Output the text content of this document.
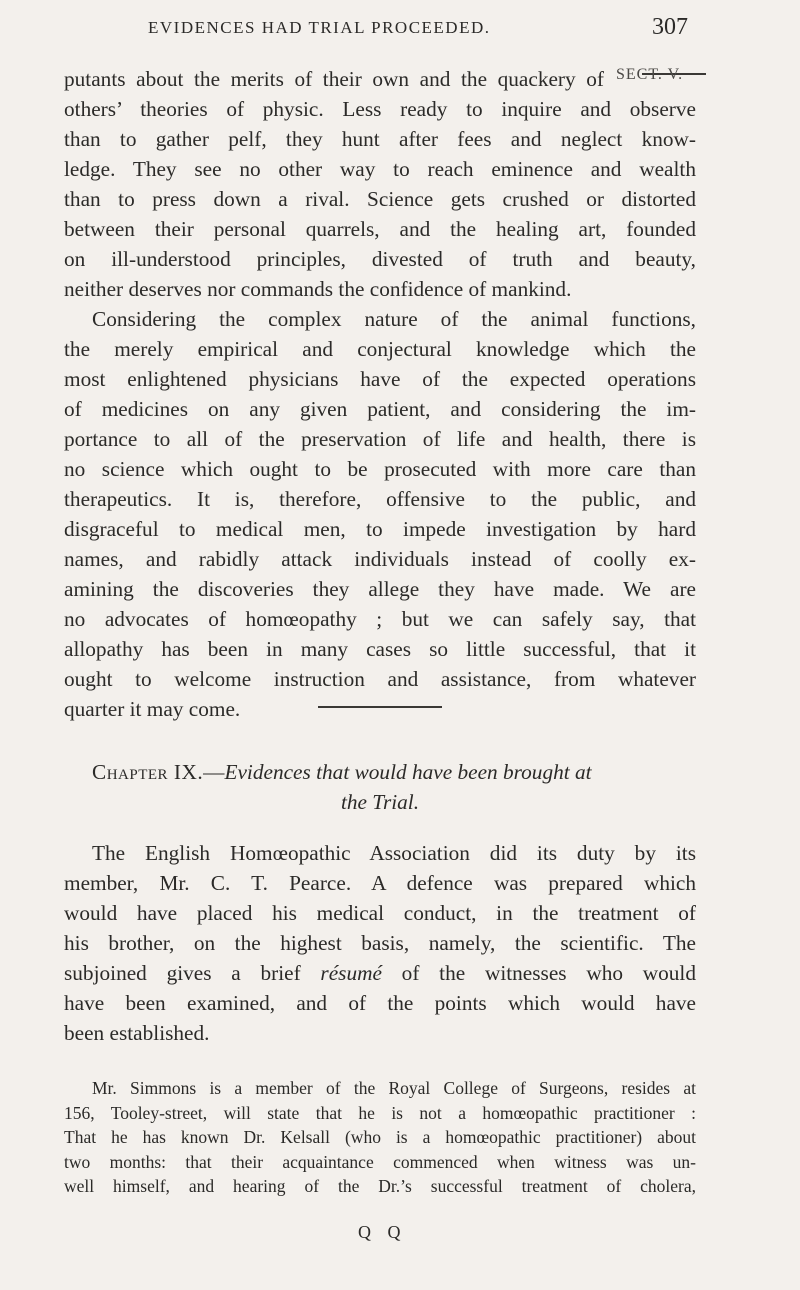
EVIDENCES HAD TRIAL PROCEEDED.	307
SECT. V.
putants about the merits of their own and the quackery of
others’ theories of physic. Less ready to inquire and observe
than to gather pelf, they hunt after fees and neglect know-
ledge. They see no other way to reach eminence and wealth
than to press down a rival. Science gets crushed or distorted
between their personal quarrels, and the healing art, founded
on ill-understood principles, divested of truth and beauty,
neither deserves nor commands the confidence of mankind.
Considering the complex nature of the animal functions,
the merely empirical and conjectural knowledge which the
most enlightened physicians have of the expected operations
of medicines on any given patient, and considering the im-
portance to all of the preservation of life and health, there is
no science which ought to be prosecuted with more care than
therapeutics. It is, therefore, offensive to the public, and
disgraceful to medical men, to impede investigation by hard
names, and rabidly attack individuals instead of coolly ex-
amining the discoveries they allege they have made. We are
no advocates of homœopathy ; but we can safely say, that
allopathy has been in many cases so little successful, that it
ought to welcome instruction and assistance, from whatever
quarter it may come.
Chapter IX.—Evidences that would have been brought at
the Trial.
The English Homœopathic Association did its duty by its
member, Mr. C. T. Pearce. A defence was prepared which
would have placed his medical conduct, in the treatment of
his brother, on the highest basis, namely, the scientific. The
subjoined gives a brief résumé of the witnesses who would
have been examined, and of the points which would have
been established.
Mr. Simmons is a member of the Royal College of Surgeons, resides at
156, Tooley-street, will state that he is not a homœopathic practitioner :
That he has known Dr. Kelsall (who is a homœopathic practitioner) about
two months: that their acquaintance commenced when witness was un-
well himself, and hearing of the Dr.’s successful treatment of cholera,
Q Q
